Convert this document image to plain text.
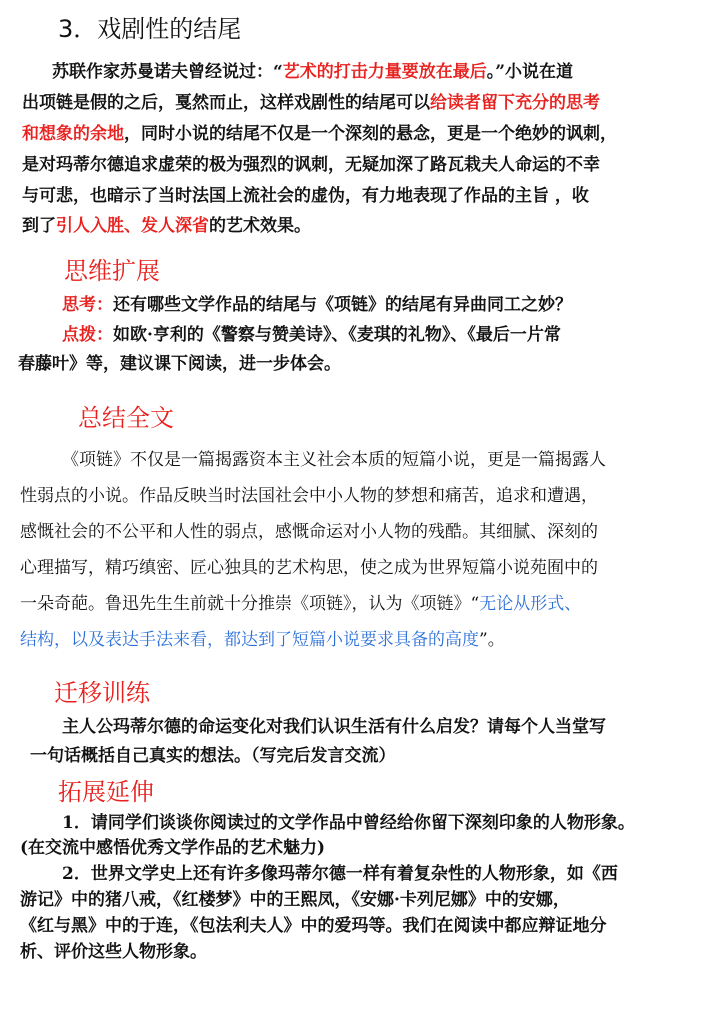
3．戏剧性的结尾
苏联作家苏曼诺夫曾经说过：“艺术的打击力量要放在最后。”小说在道
出项链是假的之后，戛然而止，这样戏剧性的结尾可以给读者留下充分的思考
和想象的余地，同时小说的结尾不仅是一个深刻的悬念，更是一个绝妙的讽刺，
是对玛蒂尔德追求虚荣的极为强烈的讽刺，无疑加深了路瓦栽夫人命运的不幸
与可悲，也暗示了当时法国上流社会的虚伪，有力地表现了作品的主旨 ，收
到了引人入胜、发人深省的艺术效果。
思维扩展
思考：还有哪些文学作品的结尾与《项链》的结尾有异曲同工之妙？
点拨：如欧·亨利的《警察与赞美诗》、《麦琪的礼物》、《最后一片常
春藤叶》等，建议课下阅读，进一步体会。
总结全文
《项链》不仅是一篇揭露资本主义社会本质的短篇小说，更是一篇揭露人
性弱点的小说。作品反映当时法国社会中小人物的梦想和痛苦，追求和遭遇，
感慨社会的不公平和人性的弱点，感慨命运对小人物的残酷。其细腻、深刻的
心理描写，精巧缜密、匠心独具的艺术构思，使之成为世界短篇小说苑囿中的
一朵奇葩。鲁迅先生生前就十分推崇《项链》，认为《项链》“无论从形式、
结构，以及表达手法来看，都达到了短篇小说要求具备的高度”。
迁移训练
主人公玛蒂尔德的命运变化对我们认识生活有什么启发？请每个人当堂写
一句话概括自己真实的想法。（写完后发言交流）
拓展延伸
1．请同学们谈谈你阅读过的文学作品中曾经给你留下深刻印象的人物形象。
(在交流中感悟优秀文学作品的艺术魅力)
2．世界文学史上还有许多像玛蒂尔德一样有着复杂性的人物形象，如《西
游记》中的猪八戒，《红楼梦》中的王熙凤，《安娜·卡列尼娜》中的安娜，
《红与黑》中的于连，《包法利夫人》中的爱玛等。我们在阅读中都应辩证地分
析、评价这些人物形象。
